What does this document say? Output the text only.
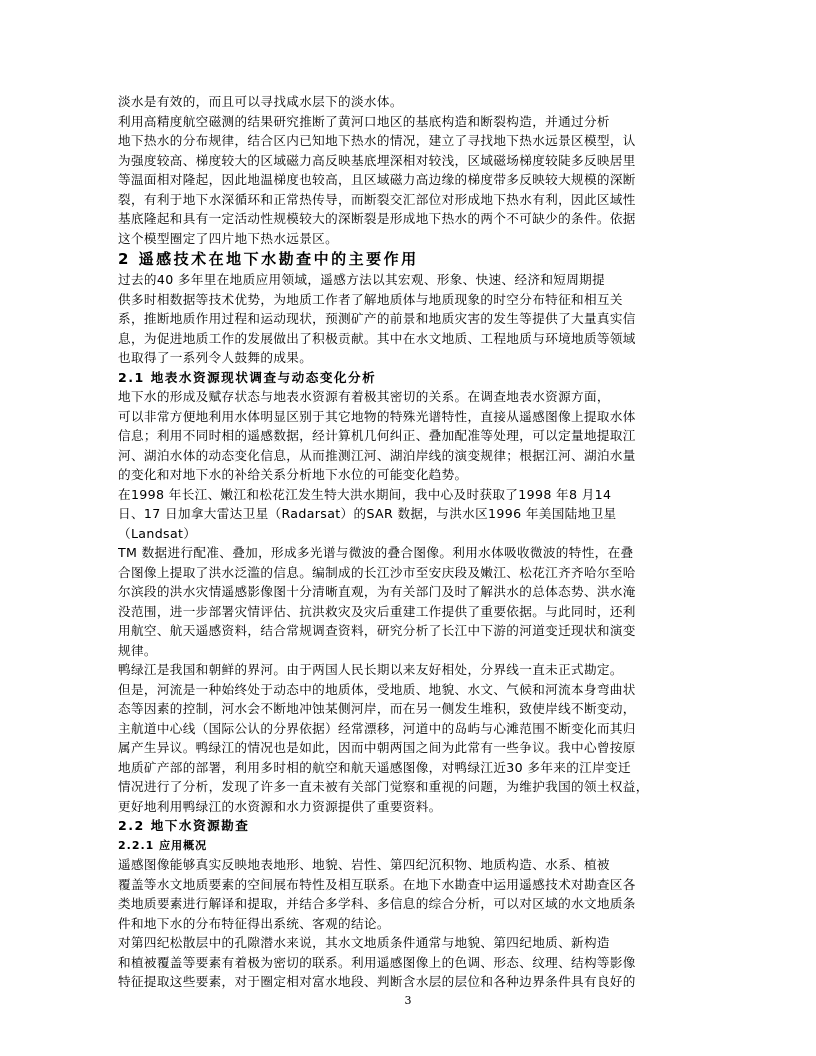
淡水是有效的，而且可以寻找咸水层下的淡水体。

利用高精度航空磁测的结果研究推断了黄河口地区的基底构造和断裂构造，并通过分析

地下热水的分布规律，结合区内已知地下热水的情况，建立了寻找地下热水远景区模型，认

为强度较高、梯度较大的区域磁力高反映基底埋深相对较浅，区域磁场梯度较陡多反映居里

等温面相对隆起，因此地温梯度也较高，且区域磁力高边缘的梯度带多反映较大规模的深断

裂，有利于地下水深循环和正常热传导，而断裂交汇部位对形成地下热水有利，因此区域性

基底隆起和具有一定活动性规模较大的深断裂是形成地下热水的两个不可缺少的条件。依据

这个模型圈定了四片地下热水远景区。

2 遥感技术在地下水勘查中的主要作用

过去的40 多年里在地质应用领域，遥感方法以其宏观、形象、快速、经济和短周期提

供多时相数据等技术优势，为地质工作者了解地质体与地质现象的时空分布特征和相互关

系，推断地质作用过程和运动现状，预测矿产的前景和地质灾害的发生等提供了大量真实信

息，为促进地质工作的发展做出了积极贡献。其中在水文地质、工程地质与环境地质等领域

也取得了一系列令人鼓舞的成果。

2.1 地表水资源现状调查与动态变化分析

地下水的形成及赋存状态与地表水资源有着极其密切的关系。在调查地表水资源方面，

可以非常方便地利用水体明显区别于其它地物的特殊光谱特性，直接从遥感图像上提取水体

信息；利用不同时相的遥感数据，经计算机几何纠正、叠加配准等处理，可以定量地提取江

河、湖泊水体的动态变化信息，从而推测江河、湖泊岸线的演变规律；根据江河、湖泊水量

的变化和对地下水的补给关系分析地下水位的可能变化趋势。

在1998 年长江、嫩江和松花江发生特大洪水期间，我中心及时获取了1998 年8 月14

日、17 日加拿大雷达卫星（Radarsat）的SAR 数据，与洪水区1996 年美国陆地卫星

（Landsat）

TM 数据进行配准、叠加，形成多光谱与微波的叠合图像。利用水体吸收微波的特性，在叠

合图像上提取了洪水泛滥的信息。编制成的长江沙市至安庆段及嫩江、松花江齐齐哈尔至哈

尔滨段的洪水灾情遥感影像图十分清晰直观，为有关部门及时了解洪水的总体态势、洪水淹

没范围，进一步部署灾情评估、抗洪救灾及灾后重建工作提供了重要依据。与此同时，还利

用航空、航天遥感资料，结合常规调查资料，研究分析了长江中下游的河道变迁现状和演变

规律。

鸭绿江是我国和朝鲜的界河。由于两国人民长期以来友好相处，分界线一直未正式勘定。

但是，河流是一种始终处于动态中的地质体，受地质、地貌、水文、气候和河流本身弯曲状

态等因素的控制，河水会不断地冲蚀某侧河岸，而在另一侧发生堆积，致使岸线不断变动，

主航道中心线（国际公认的分界依据）经常漂移，河道中的岛屿与心滩范围不断变化而其归

属产生异议。鸭绿江的情况也是如此，因而中朝两国之间为此常有一些争议。我中心曾按原

地质矿产部的部署，利用多时相的航空和航天遥感图像，对鸭绿江近30 多年来的江岸变迁

情况进行了分析，发现了许多一直未被有关部门觉察和重视的问题，为维护我国的领土权益，

更好地利用鸭绿江的水资源和水力资源提供了重要资料。

2.2 地下水资源勘查

2.2.1 应用概况

遥感图像能够真实反映地表地形、地貌、岩性、第四纪沉积物、地质构造、水系、植被

覆盖等水文地质要素的空间展布特性及相互联系。在地下水勘查中运用遥感技术对勘查区各

类地质要素进行解译和提取，并结合多学科、多信息的综合分析，可以对区域的水文地质条

件和地下水的分布特征得出系统、客观的结论。

对第四纪松散层中的孔隙潜水来说，其水文地质条件通常与地貌、第四纪地质、新构造

和植被覆盖等要素有着极为密切的联系。利用遥感图像上的色调、形态、纹理、结构等影像

特征提取这些要素，对于圈定相对富水地段、判断含水层的层位和各种边界条件具有良好的

3
